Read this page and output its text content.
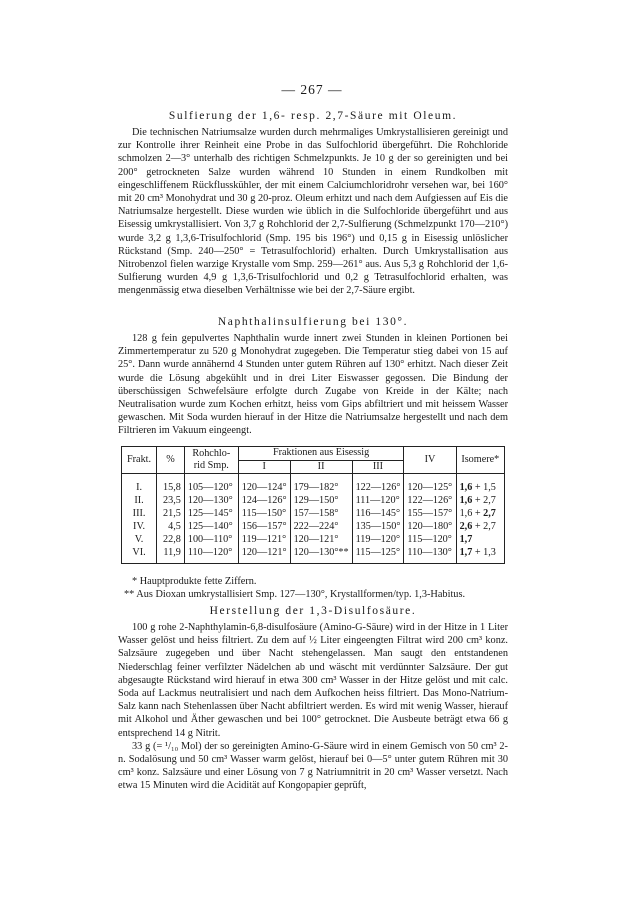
— 267 —

Sulfierung der 1,6- resp. 2,7-Säure mit Oleum.

Die technischen Natriumsalze wurden durch mehrmaliges Umkrystallisieren gereinigt und zur Kontrolle ihrer Reinheit eine Probe in das Sulfochlorid übergeführt. Die Rohchloride schmolzen 2—3° unterhalb des richtigen Schmelzpunkts. Je 10 g der so gereinigten und bei 200° getrockneten Salze wurden während 10 Stunden in einem Rundkolben mit eingeschliffenem Rückflusskühler, der mit einem Calciumchloridrohr versehen war, bei 160° mit 20 cm³ Monohydrat und 30 g 20-proz. Oleum erhitzt und nach dem Aufgiessen auf Eis die Natriumsalze hergestellt. Diese wurden wie üblich in die Sulfochloride übergeführt und aus Eisessig umkrystallisiert. Von 3,7 g Rohchlorid der 2,7-Sulfierung (Schmelzpunkt 170—210°) wurde 3,2 g 1,3,6-Trisulfochlorid (Smp. 195 bis 196°) und 0,15 g in Eisessig unlöslicher Rückstand (Smp. 240—250° = Tetrasulfochlorid) erhalten. Durch Umkrystallisation aus Nitrobenzol fielen warzige Krystalle vom Smp. 259—261° aus. Aus 5,3 g Rohchlorid der 1,6-Sulfierung wurden 4,9 g 1,3,6-Trisulfochlorid und 0,2 g Tetrasulfochlorid erhalten, was mengenmässig etwa dieselben Verhältnisse wie bei der 2,7-Säure ergibt.

Naphthalinsulfierung bei 130°.

128 g fein gepulvertes Naphthalin wurde innert zwei Stunden in kleinen Portionen bei Zimmertemperatur zu 520 g Monohydrat zugegeben. Die Temperatur stieg dabei von 15 auf 25°. Dann wurde annähernd 4 Stunden unter gutem Rühren auf 130° erhitzt. Nach dieser Zeit wurde die Lösung abgekühlt und in drei Liter Eiswasser gegossen. Die Bindung der überschüssigen Schwefelsäure erfolgte durch Zugabe von Kreide in der Kälte; nach Neutralisation wurde zum Kochen erhitzt, heiss vom Gips abfiltriert und mit heissem Wasser gewaschen. Mit Soda wurden hierauf in der Hitze die Natriumsalze hergestellt und nach dem Filtrieren im Vakuum eingeengt.

Frakt.	%	Rohchlo-rid Smp.	Fraktionen aus Eisessig			IV	Isomere*
			I	II	III		
I.	15,8	105—120°	120—124°	179—182°	122—126°	120—125°	1,6 + 1,5
II.	23,5	120—130°	124—126°	129—150°	111—120°	122—126°	1,6 + 2,7
III.	21,5	125—145°	115—150°	157—158°	116—145°	155—157°	1,6 + 2,7
IV.	4,5	125—140°	156—157°	222—224°	135—150°	120—180°	2,6 + 2,7
V.	22,8	100—110°	119—121°	120—121°	119—120°	115—120°	1,7
VI.	11,9	110—120°	120—121°	120—130°**	115—125°	110—130°	1,7 + 1,3

* Hauptprodukte fette Ziffern.

** Aus Dioxan umkrystallisiert Smp. 127—130°, Krystallformen/typ. 1,3-Habitus.

Herstellung der 1,3-Disulfosäure.

100 g rohe 2-Naphthylamin-6,8-disulfosäure (Amino-G-Säure) wird in der Hitze in 1 Liter Wasser gelöst und heiss filtriert. Zu dem auf ½ Liter eingeengten Filtrat wird 200 cm³ konz. Salzsäure zugegeben und über Nacht stehengelassen. Man saugt den entstandenen Niederschlag feiner verfilzter Nädelchen ab und wäscht mit verdünnter Salzsäure. Der gut abgesaugte Rückstand wird hierauf in etwa 300 cm³ Wasser in der Hitze gelöst und mit calc. Soda auf Lackmus neutralisiert und nach dem Aufkochen heiss filtriert. Das Mono-Natrium-Salz kann nach Stehenlassen über Nacht abfiltriert werden. Es wird mit wenig Wasser, hierauf mit Alkohol und Äther gewaschen und bei 100° getrocknet. Die Ausbeute beträgt etwa 66 g entsprechend 14 g Nitrit.

33 g (= ¹/₁₀ Mol) der so gereinigten Amino-G-Säure wird in einem Gemisch von 50 cm³ 2-n. Sodalösung und 50 cm³ Wasser warm gelöst, hierauf bei 0—5° unter gutem Rühren mit 30 cm³ konz. Salzsäure und einer Lösung von 7 g Natriumnitrit in 20 cm³ Wasser versetzt. Nach etwa 15 Minuten wird die Acidität auf Kongopapier geprüft,
